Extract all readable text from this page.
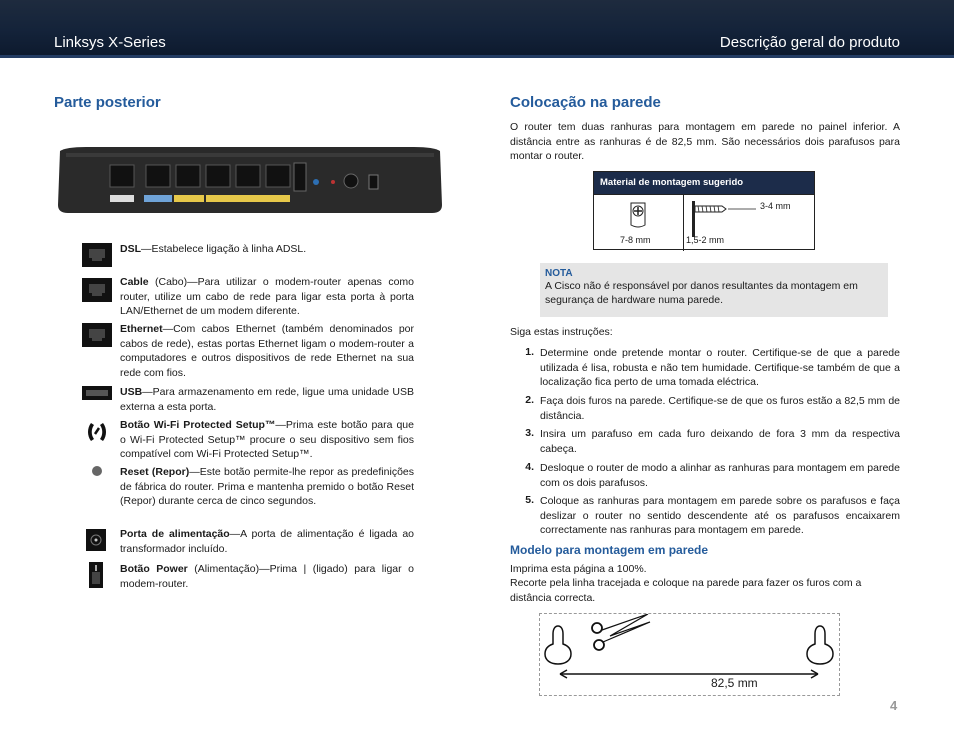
Linksys X-Series	Descrição geral do produto
Parte posterior
DSL—Estabelece ligação à linha ADSL.
Cable (Cabo)—Para utilizar o modem-router apenas como router, utilize um cabo de rede para ligar esta porta à porta LAN/Ethernet de um modem diferente.
Ethernet—Com cabos Ethernet (também denominados por cabos de rede), estas portas Ethernet ligam o modem-router a computadores e outros dispositivos de rede Ethernet na sua rede com fios.
USB—Para armazenamento em rede, ligue uma unidade USB externa a esta porta.
Botão Wi-Fi Protected Setup™—Prima este botão para que o Wi-Fi Protected Setup™ procure o seu dispositivo sem fios compatível com Wi-Fi Protected Setup™.
Reset (Repor)—Este botão permite-lhe repor as predefinições de fábrica do router. Prima e mantenha premido o botão Reset (Repor) durante cerca de cinco segundos.
Porta de alimentação—A porta de alimentação é ligada ao transformador incluído.
Botão Power (Alimentação)—Prima | (ligado) para ligar o modem-router.
Colocação na parede
O router tem duas ranhuras para montagem em parede no painel inferior. A distância entre as ranhuras é de 82,5 mm. São necessários dois parafusos para montar o router.
Material de montagem sugerido
7-8 mm
3-4 mm
1,5-2 mm
NOTA
A Cisco não é responsável por danos resultantes da montagem em segurança de hardware numa parede.
Siga estas instruções:
1. Determine onde pretende montar o router. Certifique-se de que a parede utilizada é lisa, robusta e não tem humidade. Certifique-se também de que a localização fica perto de uma tomada eléctrica.
2. Faça dois furos na parede. Certifique-se de que os furos estão a 82,5 mm de distância.
3. Insira um parafuso em cada furo deixando de fora 3 mm da respectiva cabeça.
4. Desloque o router de modo a alinhar as ranhuras para montagem em parede com os dois parafusos.
5. Coloque as ranhuras para montagem em parede sobre os parafusos e faça deslizar o router no sentido descendente até os parafusos encaixarem correctamente nas ranhuras para montagem em parede.
Modelo para montagem em parede
Imprima esta página a 100%.
Recorte pela linha tracejada e coloque na parede para fazer os furos com a distância correcta.
82,5 mm
4
